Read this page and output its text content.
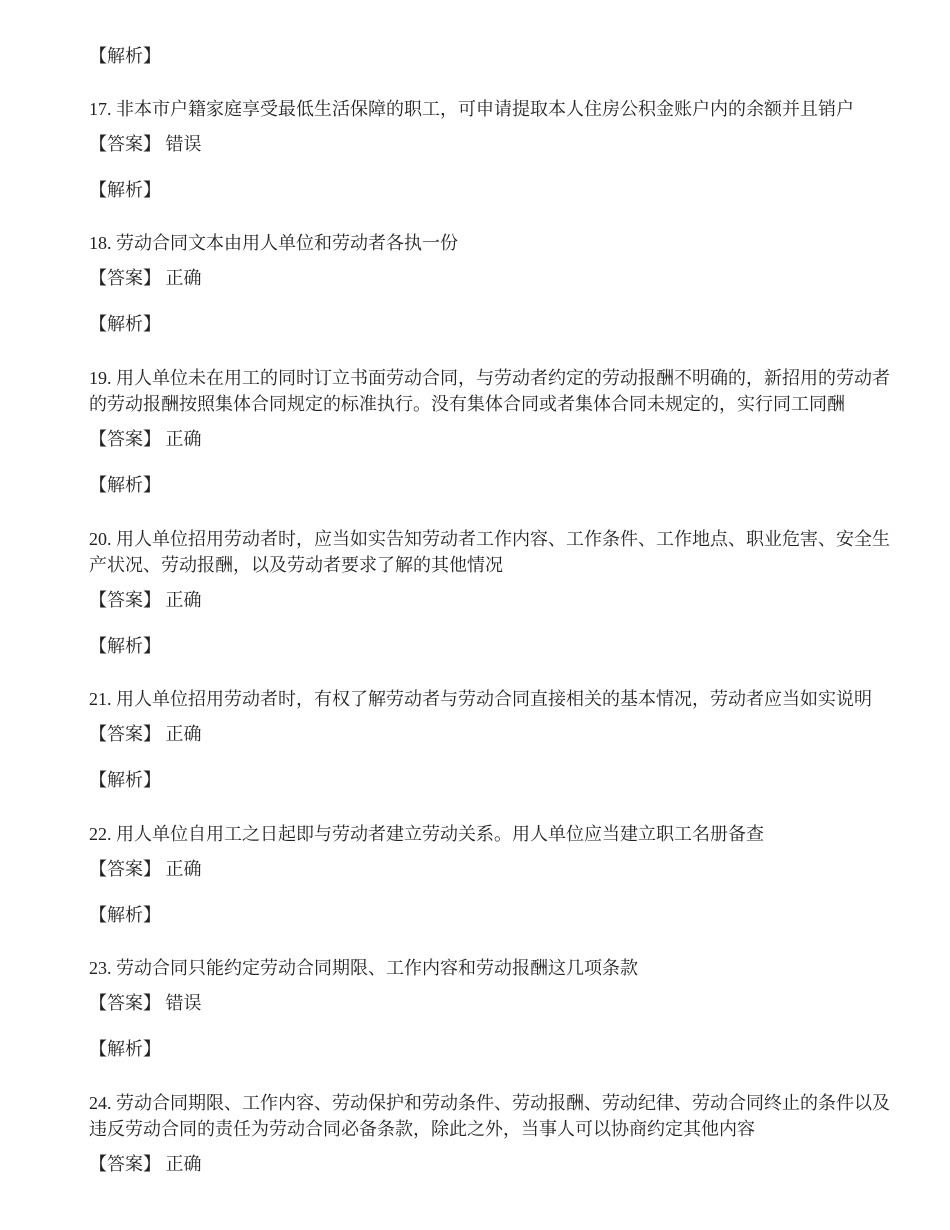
【解析】
17. 非本市户籍家庭享受最低生活保障的职工，可申请提取本人住房公积金账户内的余额并且销户
【答案】 错误
【解析】
18. 劳动合同文本由用人单位和劳动者各执一份
【答案】 正确
【解析】
19. 用人单位未在用工的同时订立书面劳动合同，与劳动者约定的劳动报酬不明确的，新招用的劳动者的劳动报酬按照集体合同规定的标准执行。没有集体合同或者集体合同未规定的，实行同工同酬
【答案】 正确
【解析】
20. 用人单位招用劳动者时，应当如实告知劳动者工作内容、工作条件、工作地点、职业危害、安全生产状况、劳动报酬，以及劳动者要求了解的其他情况
【答案】 正确
【解析】
21. 用人单位招用劳动者时，有权了解劳动者与劳动合同直接相关的基本情况，劳动者应当如实说明
【答案】 正确
【解析】
22. 用人单位自用工之日起即与劳动者建立劳动关系。用人单位应当建立职工名册备查
【答案】 正确
【解析】
23. 劳动合同只能约定劳动合同期限、工作内容和劳动报酬这几项条款
【答案】 错误
【解析】
24. 劳动合同期限、工作内容、劳动保护和劳动条件、劳动报酬、劳动纪律、劳动合同终止的条件以及违反劳动合同的责任为劳动合同必备条款，除此之外，当事人可以协商约定其他内容
【答案】 正确
